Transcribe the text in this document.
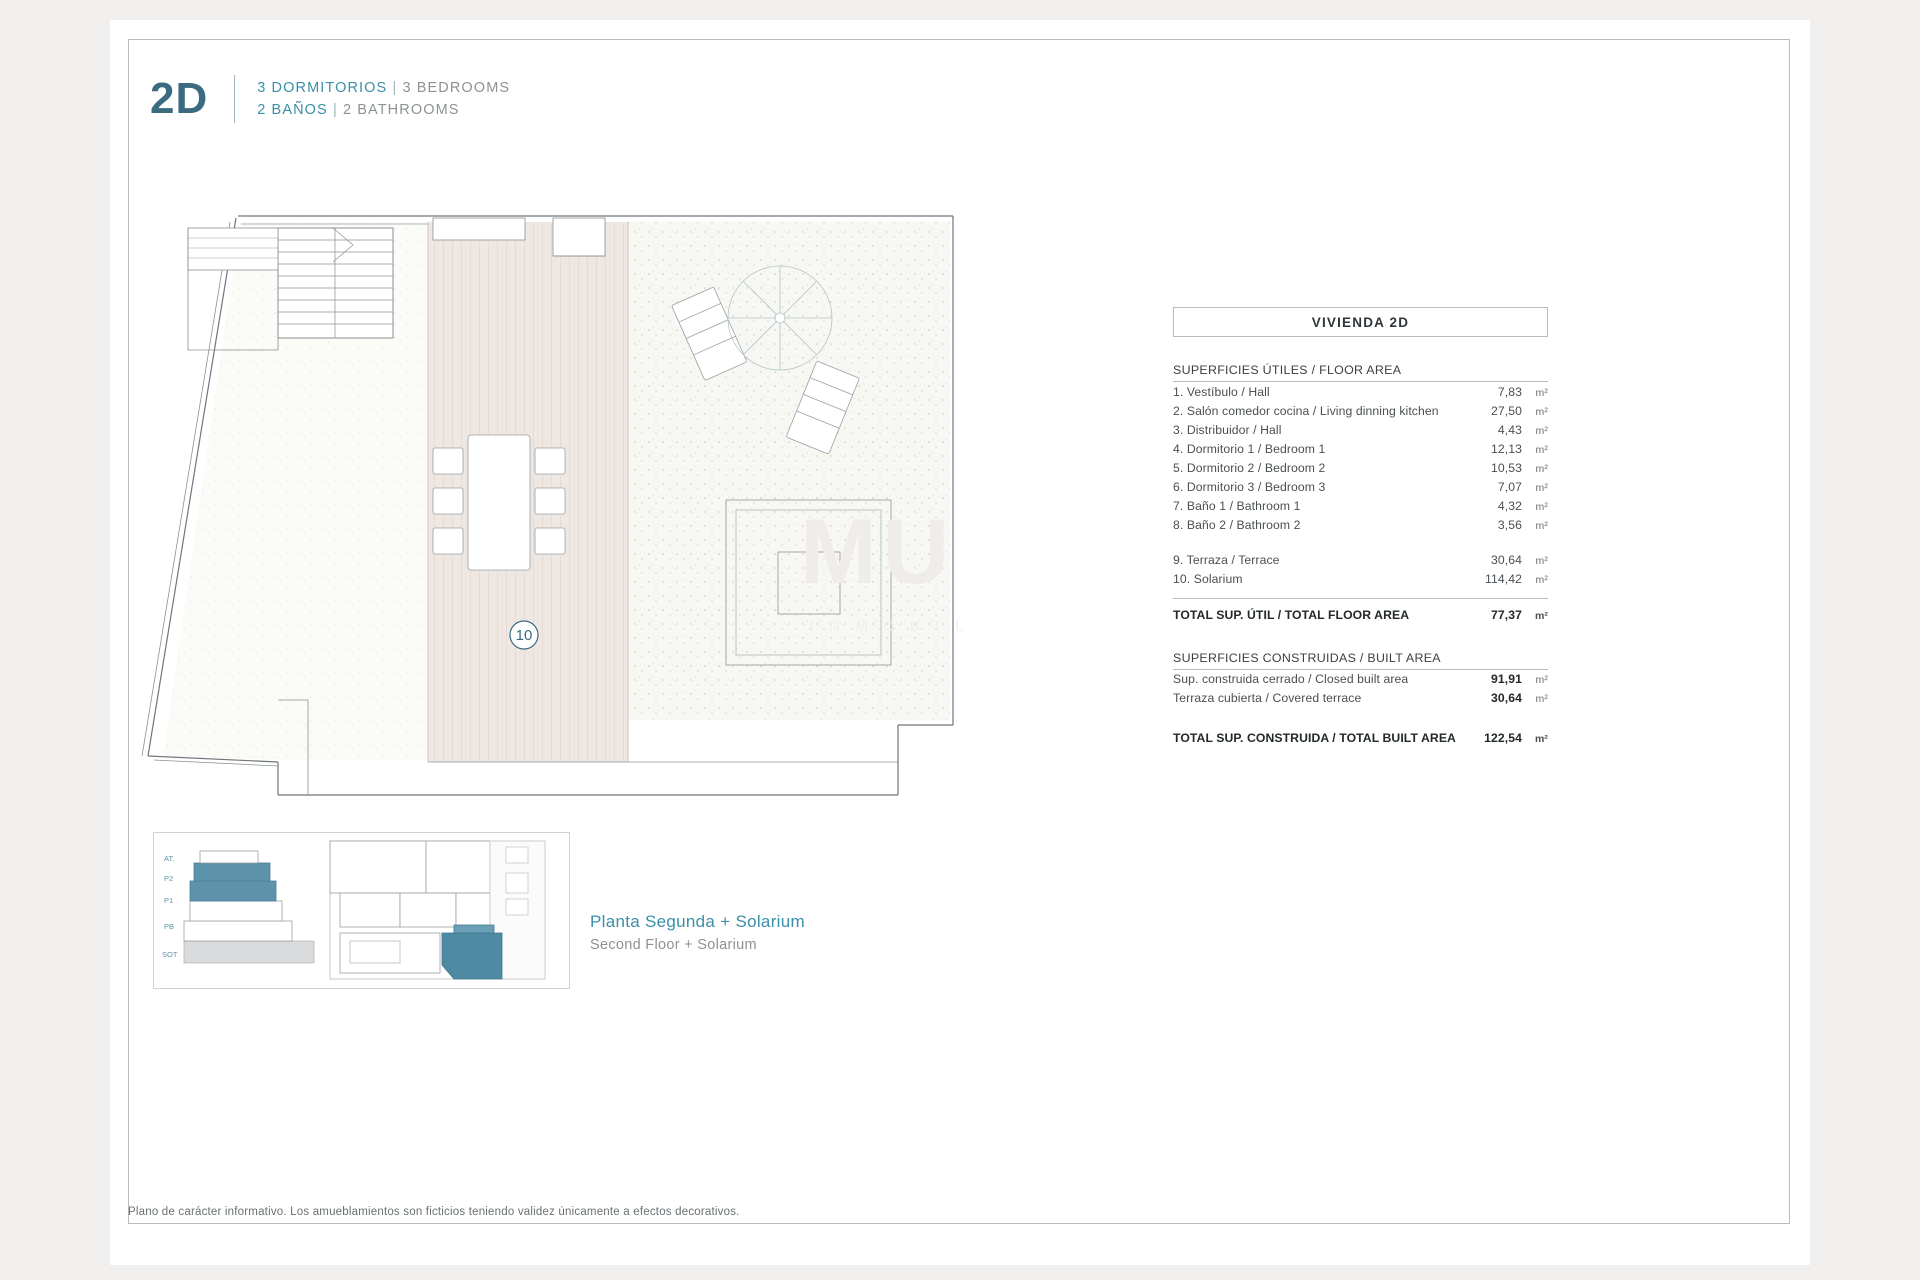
2D	3 DORMITORIOS | 3 BEDROOMS
2 BAÑOS | 2 BATHROOMS
10
MU
I N M O B I L
VIVIENDA 2D
SUPERFICIES ÚTILES / FLOOR AREA
1. Vestíbulo / Hall	7,83	m²
2. Salón comedor cocina / Living dinning kitchen	27,50	m²
3. Distribuidor / Hall	4,43	m²
4. Dormitorio 1 / Bedroom 1	12,13	m²
5. Dormitorio 2 / Bedroom 2	10,53	m²
6. Dormitorio 3 / Bedroom 3	7,07	m²
7. Baño 1 / Bathroom 1	4,32	m²
8. Baño 2 / Bathroom 2	3,56	m²
9. Terraza / Terrace	30,64	m²
10. Solarium	114,42	m²
TOTAL SUP. ÚTIL / TOTAL FLOOR AREA	77,37	m²
SUPERFICIES CONSTRUIDAS / BUILT AREA
Sup. construida cerrado / Closed built area	91,91	m²
Terraza cubierta / Covered terrace	30,64	m²
TOTAL SUP. CONSTRUIDA / TOTAL BUILT AREA	122,54	m²
AT.
P2
P1
PB
SOT
Planta Segunda + Solarium
Second Floor + Solarium
Plano de carácter informativo. Los amueblamientos son ficticios teniendo validez únicamente a efectos decorativos.
